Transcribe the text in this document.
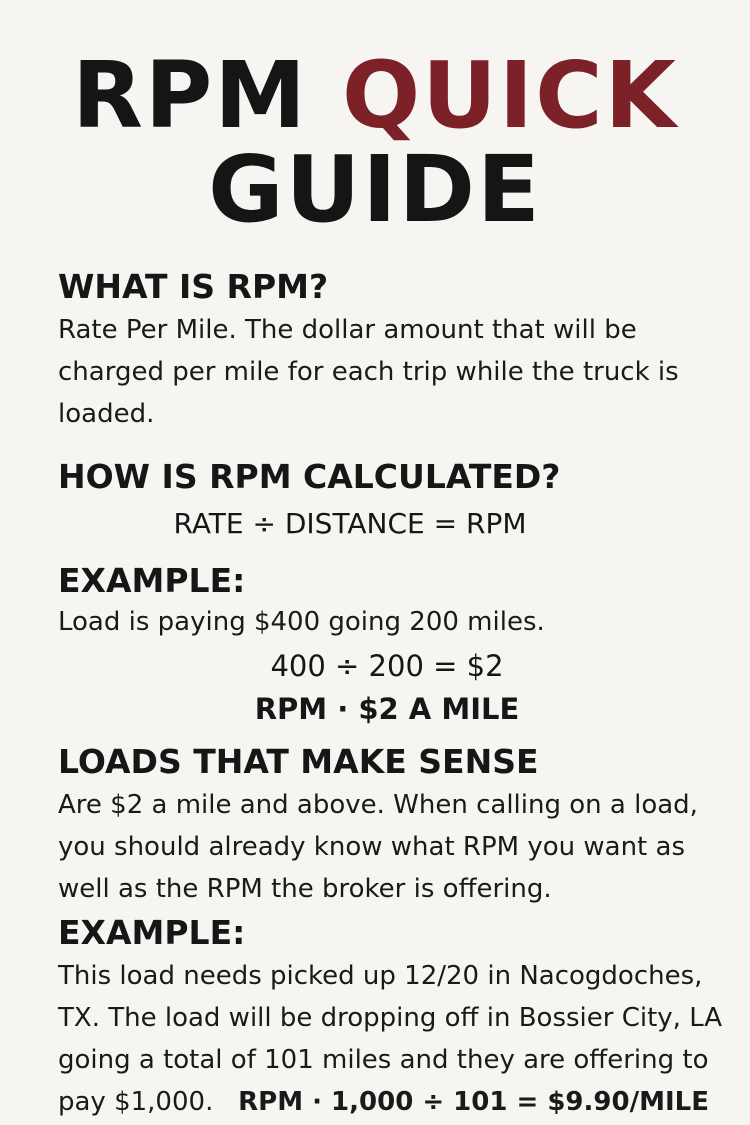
RPM QUICK
GUIDE
WHAT IS RPM?

Rate Per Mile. The dollar amount that will be charged per mile for each trip while the truck is loaded.

HOW IS RPM CALCULATED?

RATE ÷ DISTANCE = RPM

EXAMPLE:

Load is paying $400 going 200 miles.

400 ÷ 200 = $2

RPM · $2 A MILE

LOADS THAT MAKE SENSE

Are $2 a mile and above. When calling on a load, you should already know what RPM you want as well as the RPM the broker is offering.

EXAMPLE:

This load needs picked up 12/20 in Nacogdoches, TX. The load will be dropping off in Bossier City, LA going a total of 101 miles and they are offering to pay $1,000. RPM · 1,000 ÷ 101 = $9.90/MILE
